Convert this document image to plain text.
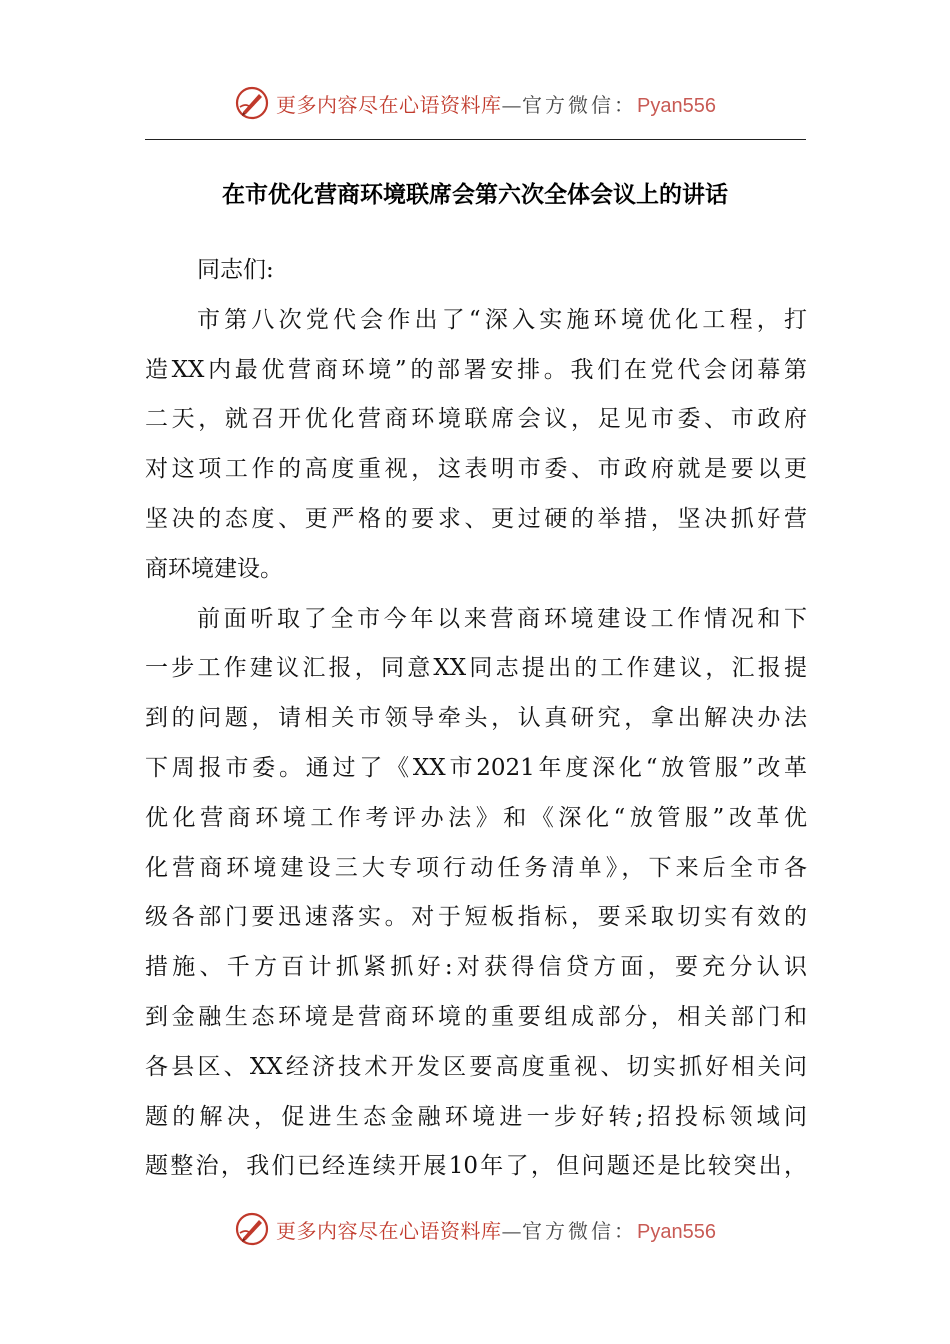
更多内容尽在心语资料库—官方微信：Pyan556
在市优化营商环境联席会第六次全体会议上的讲话
同志们:
市第八次党代会作出了“深入实施环境优化工程，打
造XX内最优营商环境”的部署安排。我们在党代会闭幕第
二天，就召开优化营商环境联席会议，足见市委、市政府
对这项工作的高度重视，这表明市委、市政府就是要以更
坚决的态度、更严格的要求、更过硬的举措，坚决抓好营
商环境建设。
前面听取了全市今年以来营商环境建设工作情况和下
一步工作建议汇报，同意XX同志提出的工作建议，汇报提
到的问题，请相关市领导牵头，认真研究，拿出解决办法
下周报市委。通过了《XX市2021年度深化“放管服”改革
优化营商环境工作考评办法》和《深化“放管服”改革优
化营商环境建设三大专项行动任务清单》，下来后全市各
级各部门要迅速落实。对于短板指标，要采取切实有效的
措施、千方百计抓紧抓好:对获得信贷方面，要充分认识
到金融生态环境是营商环境的重要组成部分，相关部门和
各县区、XX经济技术开发区要高度重视、切实抓好相关问
题的解决，促进生态金融环境进一步好转;招投标领域问
题整治，我们已经连续开展10年了，但问题还是比较突出，
更多内容尽在心语资料库—官方微信：Pyan556
